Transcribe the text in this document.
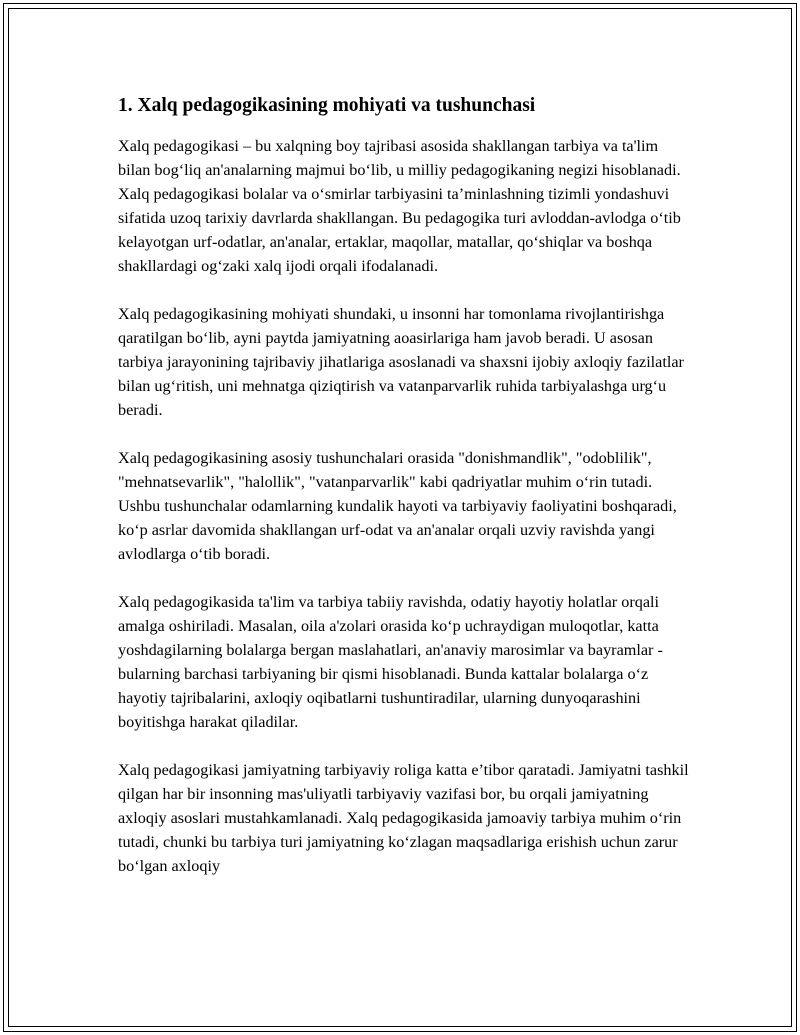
1. Xalq pedagogikasining mohiyati va tushunchasi

Xalq pedagogikasi – bu xalqning boy tajribasi asosida shakllangan tarbiya va ta'lim bilan bog‘liq an'analarning majmui bo‘lib, u milliy pedagogikaning negizi hisoblanadi. Xalq pedagogikasi bolalar va o‘smirlar tarbiyasini ta’minlashning tizimli yondashuvi sifatida uzoq tarixiy davrlarda shakllangan. Bu pedagogika turi avloddan-avlodga o‘tib kelayotgan urf-odatlar, an'analar, ertaklar, maqollar, matallar, qo‘shiqlar va boshqa shakllardagi og‘zaki xalq ijodi orqali ifodalanadi.

Xalq pedagogikasining mohiyati shundaki, u insonni har tomonlama rivojlantirishga qaratilgan bo‘lib, ayni paytda jamiyatning aoasirlariga ham javob beradi. U asosan tarbiya jarayonining tajribaviy jihatlariga asoslanadi va shaxsni ijobiy axloqiy fazilatlar bilan ug‘ritish, uni mehnatga qiziqtirish va vatanparvarlik ruhida tarbiyalashga urg‘u beradi.

Xalq pedagogikasining asosiy tushunchalari orasida "donishmandlik", "odoblilik", "mehnatsevarlik", "halollik", "vatanparvarlik" kabi qadriyatlar muhim o‘rin tutadi. Ushbu tushunchalar odamlarning kundalik hayoti va tarbiyaviy faoliyatini boshqaradi, ko‘p asrlar davomida shakllangan urf-odat va an'analar orqali uzviy ravishda yangi avlodlarga o‘tib boradi.

Xalq pedagogikasida ta'lim va tarbiya tabiiy ravishda, odatiy hayotiy holatlar orqali amalga oshiriladi. Masalan, oila a'zolari orasida ko‘p uchraydigan muloqotlar, katta yoshdagilarning bolalarga bergan maslahatlari, an'anaviy marosimlar va bayramlar - bularning barchasi tarbiyaning bir qismi hisoblanadi. Bunda kattalar bolalarga o‘z hayotiy tajribalarini, axloqiy oqibatlarni tushuntiradilar, ularning dunyoqarashini boyitishga harakat qiladilar.

Xalq pedagogikasi jamiyatning tarbiyaviy roliga katta e’tibor qaratadi. Jamiyatni tashkil qilgan har bir insonning mas'uliyatli tarbiyaviy vazifasi bor, bu orqali jamiyatning axloqiy asoslari mustahkamlanadi. Xalq pedagogikasida jamoaviy tarbiya muhim o‘rin tutadi, chunki bu tarbiya turi jamiyatning ko‘zlagan maqsadlariga erishish uchun zarur bo‘lgan axloqiy
